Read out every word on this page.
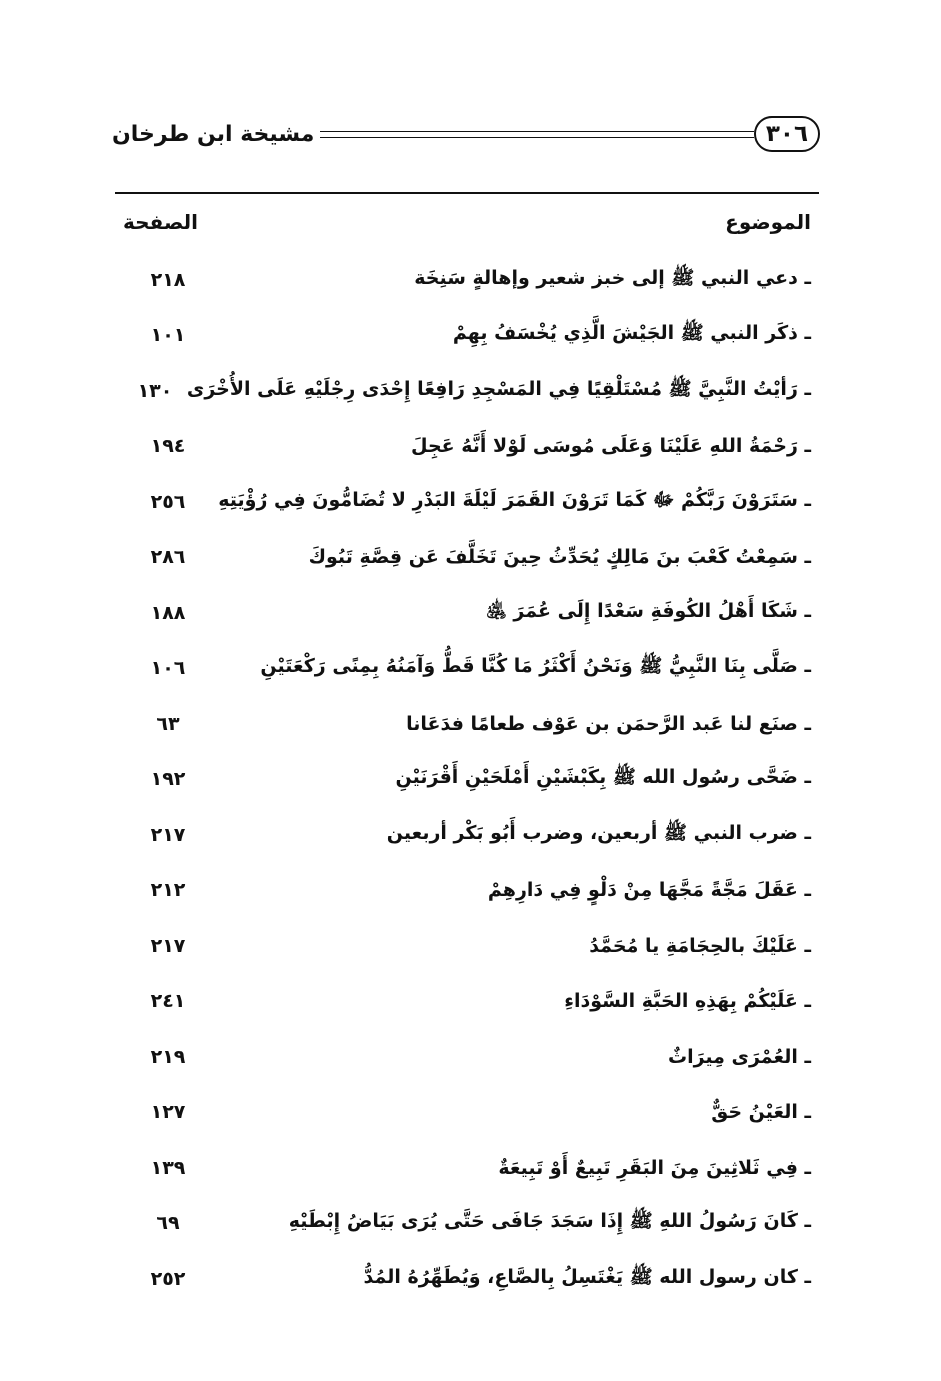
٣٠٦
مشيخة ابن طرخان
الموضوع
الصفحة
ـ دعي النبي ﷺ إلى خبز شعير وإهالةٍ سَنِخَة
٢١٨
ـ ذكَر النبي ﷺ الجَيْشَ الَّذِي يُخْسَفُ بِهِمْ
١٠١
ـ رَأيْتُ النَّبِيَّ ﷺ مُسْتَلْقِيًا فِي المَسْجِدِ رَافِعًا إِحْدَى رِجْلَيْهِ عَلَى الأُخْرَى
١٣٠
ـ رَحْمَةُ اللهِ عَلَيْنَا وَعَلَى مُوسَى لَوْلا أَنَّهُ عَجِلَ
١٩٤
ـ سَتَرَوْنَ رَبَّكُمْ ﷻ كَمَا تَرَوْنَ القَمَرَ لَيْلَةَ البَدْرِ لا تُضَامُّونَ فِي رُؤْيَتِهِ
٢٥٦
ـ سَمِعْتُ كَعْبَ بنَ مَالِكٍ يُحَدِّثُ حِينَ تَخَلَّفَ عَن قِصَّةِ تَبُوكَ
٢٨٦
ـ شَكَا أَهْلُ الكُوفَةِ سَعْدًا إِلَى عُمَرَ ﵁
١٨٨
ـ صَلَّى بِنَا النَّبِيُّ ﷺ وَنَحْنُ أَكْثَرُ مَا كُنَّا قَطُّ وَآمَنُهُ بِمِنًى رَكْعَتَيْنِ
١٠٦
ـ صنَع لنا عَبد الرَّحمَن بن عَوْف طعامًا فدَعَانا
٦٣
ـ ضَحَّى رسُول الله ﷺ بِكَبْشَيْنِ أَمْلَحَيْنِ أَقْرَنَيْنِ
١٩٢
ـ ضرب النبي ﷺ أربعين، وضرب أَبُو بَكْر أربعين
٢١٧
ـ عَقَلَ مَجَّةً مَجَّهَا مِنْ دَلْوٍ فِي دَارِهِمْ
٢١٢
ـ عَلَيْكَ بالحِجَامَةِ يا مُحَمَّدُ
٢١٧
ـ عَلَيْكُمْ بِهَذِهِ الحَبَّةِ السَّوْدَاءِ
٢٤١
ـ العُمْرَى مِيرَاثٌ
٢١٩
ـ العَيْنُ حَقٌّ
١٢٧
ـ فِي ثَلاثِينَ مِنَ البَقَرِ تَبِيعٌ أَوْ تَبِيعَةٌ
١٣٩
ـ كَانَ رَسُولُ اللهِ ﷺ إِذَا سَجَدَ جَافَى حَتَّى يُرَى بَيَاضُ إِبْطَيْهِ
٦٩
ـ كان رسول الله ﷺ يَغْتَسِلُ بِالصَّاعِ، وَيُطَهِّرُهُ المُدُّ
٢٥٢
